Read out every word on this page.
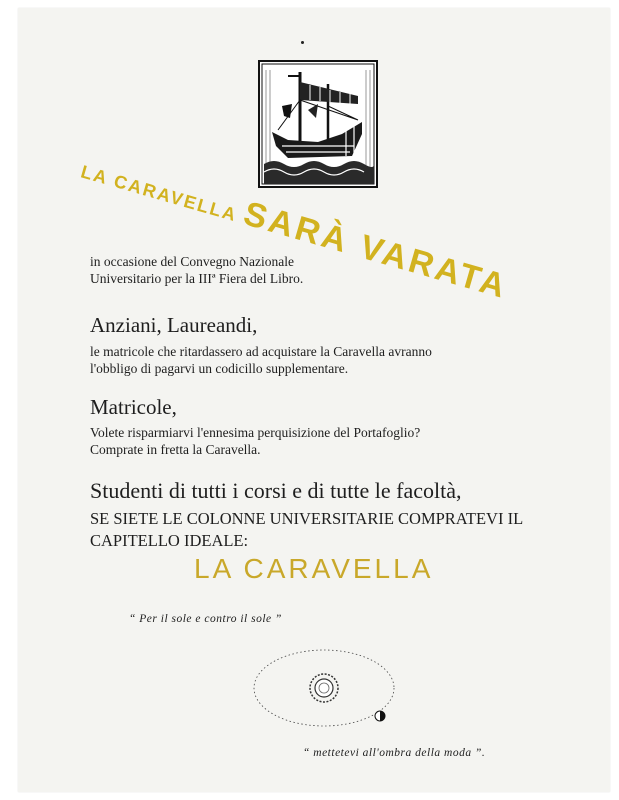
LA CARAVELLA SARÀ VARATA
in occasione del Convegno Nazionale
Universitario per la IIIª Fiera del Libro.
Anziani, Laureandi,
le matricole che ritardassero ad acquistare la Caravella avranno
l'obbligo di pagarvi un codicillo supplementare.
Matricole,
Volete risparmiarvi l'ennesima perquisizione del Portafoglio?
Comprate in fretta la Caravella.
Studenti di tutti i corsi e di tutte le facoltà,
SE SIETE LE COLONNE UNIVERSITARIE COMPRATEVI IL
CAPITELLO IDEALE:
LA CARAVELLA
“ Per il sole e contro il sole ”
“ mettetevi all'ombra della moda ”.
